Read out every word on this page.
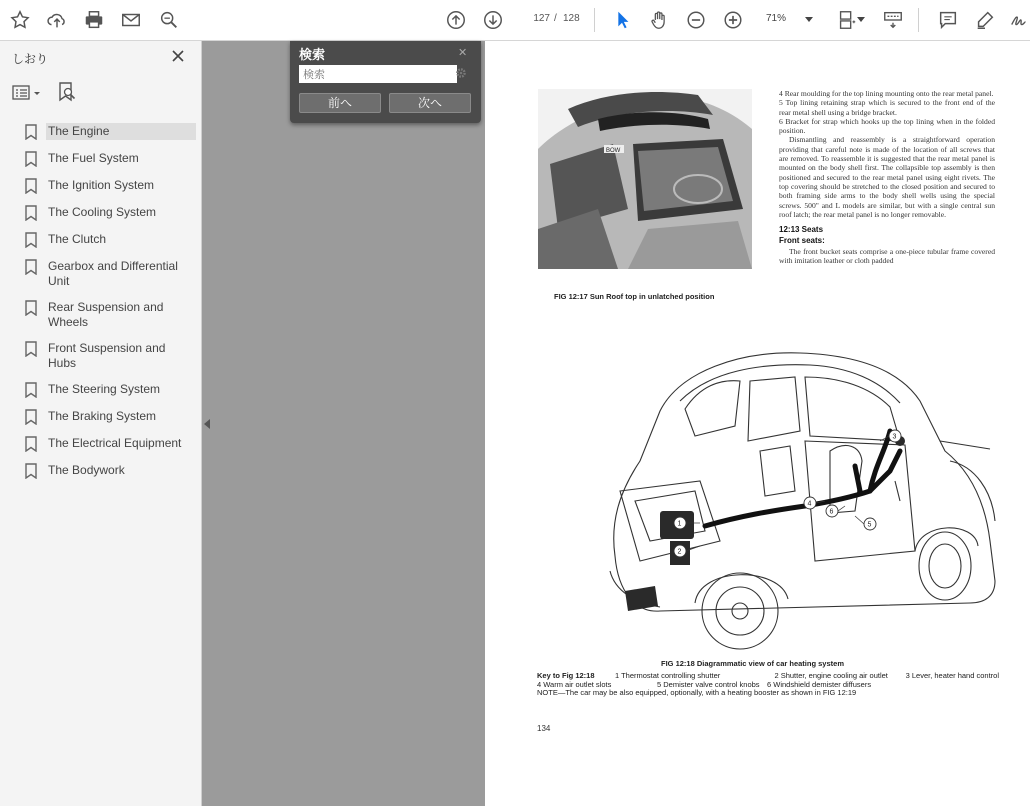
127 / 128	71%
しおり
The Engine
The Fuel System
The Ignition System
The Cooling System
The Clutch
Gearbox and Differential Unit
Rear Suspension and Wheels
Front Suspension and Hubs
The Steering System
The Braking System
The Electrical Equipment
The Bodywork
検索	✕
検索
前へ	次へ
BOW
FIG 12:17 Sun Roof top in unlatched position

4 Rear moulding for the top lining mounting onto the rear metal panel.

5 Top lining retaining strap which is secured to the front end of the rear metal shell using a bridge bracket.

6 Bracket for strap which hooks up the top lining when in the folded position.

Dismantling and reassembly is a straightforward operation providing that careful note is made of the location of all screws that are removed. To reassemble it is suggested that the rear metal panel is mounted on the body shell first. The collapsible top assembly is then positioned and secured to the rear metal panel using eight rivets. The top covering should be stretched to the closed position and secured to both framing side arms to the body shell wells using the special screws. 500" and L models are similar, but with a single central sun roof latch; the rear metal panel is no longer removable.

12:13 Seats
Front seats:

The front bucket seats comprise a one-piece tubular frame covered with imitation leather or cloth padded

1
2
3
4
5
6
FIG 12:18 Diagrammatic view of car heating system
Key to Fig 12:18	1 Thermostat controlling shutter	2 Shutter, engine cooling air outlet	3 Lever, heater hand control
4 Warm air outlet slots	5 Demister valve control knobs 6 Windshield demister diffusers
NOTE—The car may be also equipped, optionally, with a heating booster as shown in FIG 12:19
134
